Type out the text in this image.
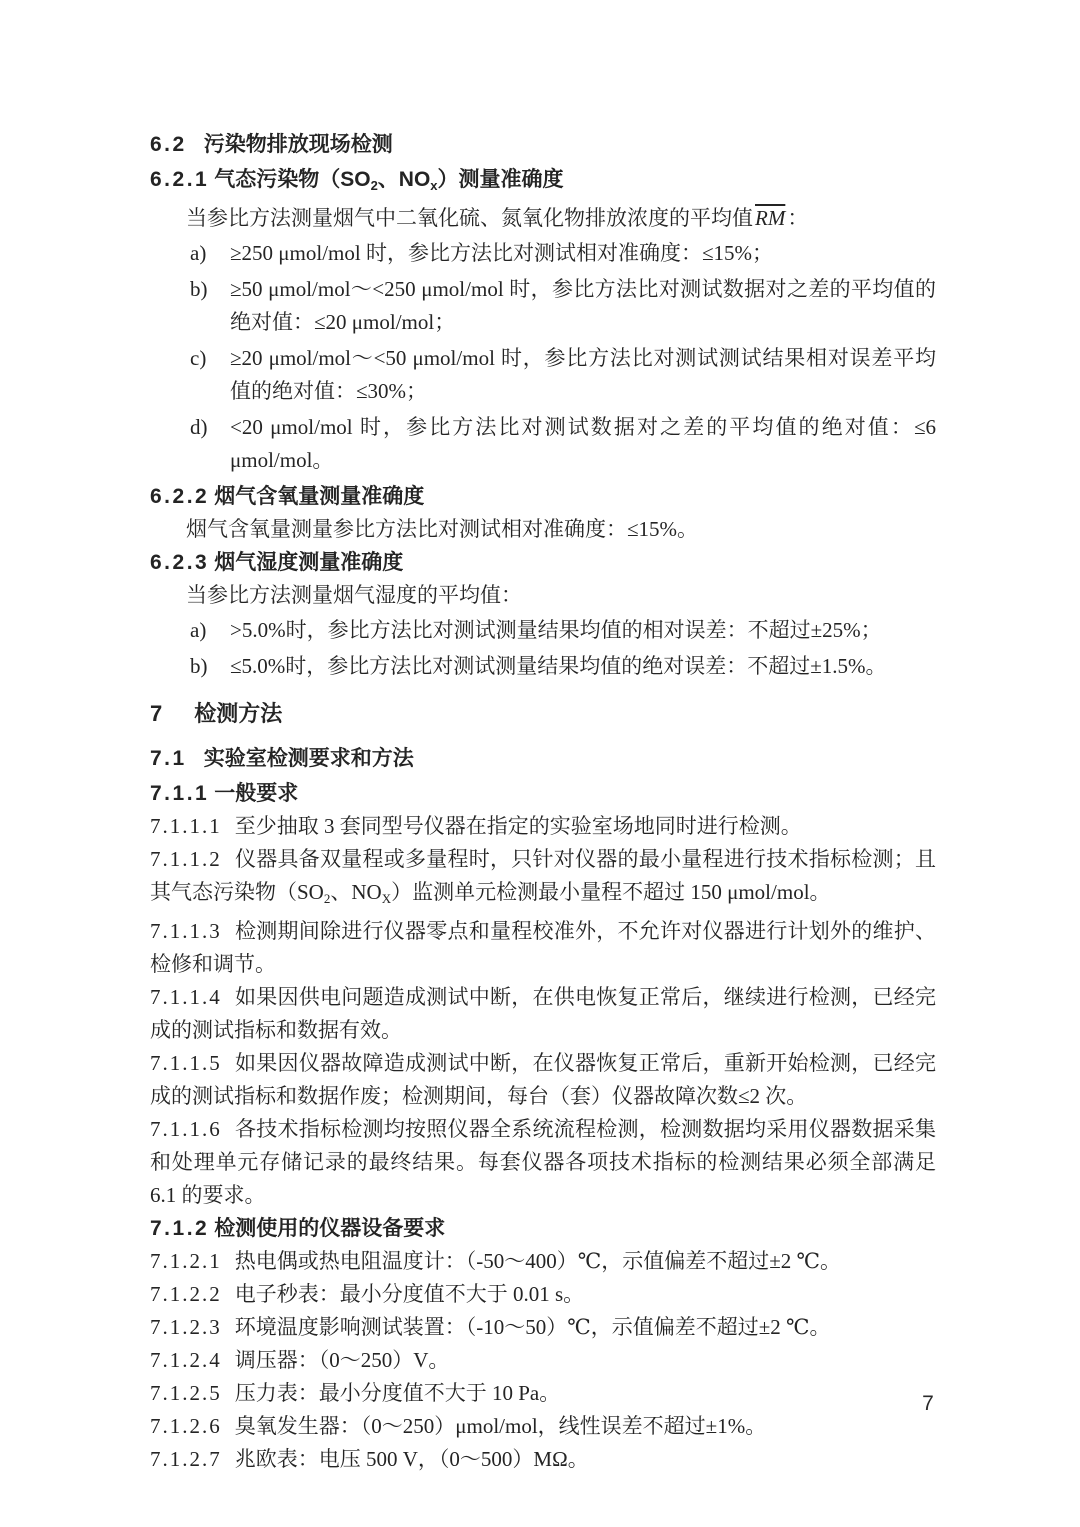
6.2 污染物排放现场检测
6.2.1 气态污染物（$SO_2$、$NO_x$）测量准确度
当参比方法测量烟气中二氧化硫、氮氧化物排放浓度的平均值$\overline{RM}$：
a)	≥250 μmol/mol 时，参比方法比对测试相对准确度：≤15%；
b)	≥50 μmol/mol～<250 μmol/mol 时，参比方法比对测试数据对之差的平均值的绝对值：≤20 μmol/mol；
c)	≥20 μmol/mol～<50 μmol/mol 时，参比方法比对测试测试结果相对误差平均值的绝对值：≤30%；
d)	<20 μmol/mol 时，参比方法比对测试数据对之差的平均值的绝对值：≤6 μmol/mol。
6.2.2 烟气含氧量测量准确度
烟气含氧量测量参比方法比对测试相对准确度：≤15%。
6.2.3 烟气湿度测量准确度
当参比方法测量烟气湿度的平均值：
a)	>5.0%时，参比方法比对测试测量结果均值的相对误差：不超过±25%；
b)	≤5.0%时，参比方法比对测试测量结果均值的绝对误差：不超过±1.5%。
7 检测方法
7.1 实验室检测要求和方法
7.1.1 一般要求
7.1.1.1 至少抽取 3 套同型号仪器在指定的实验室场地同时进行检测。
7.1.1.2 仪器具备双量程或多量程时，只针对仪器的最小量程进行技术指标检测；且其气态污染物（$SO_2$、$NO_X$）监测单元检测最小量程不超过 150 μmol/mol。
7.1.1.3 检测期间除进行仪器零点和量程校准外，不允许对仪器进行计划外的维护、检修和调节。
7.1.1.4 如果因供电问题造成测试中断，在供电恢复正常后，继续进行检测，已经完成的测试指标和数据有效。
7.1.1.5 如果因仪器故障造成测试中断，在仪器恢复正常后，重新开始检测，已经完成的测试指标和数据作废；检测期间，每台（套）仪器故障次数≤2 次。
7.1.1.6 各技术指标检测均按照仪器全系统流程检测，检测数据均采用仪器数据采集和处理单元存储记录的最终结果。每套仪器各项技术指标的检测结果必须全部满足 6.1 的要求。
7.1.2 检测使用的仪器设备要求
7.1.2.1 热电偶或热电阻温度计：（-50～400）℃，示值偏差不超过±2 ℃。
7.1.2.2 电子秒表：最小分度值不大于 0.01 s。
7.1.2.3 环境温度影响测试装置：（-10～50）℃，示值偏差不超过±2 ℃。
7.1.2.4 调压器：（0～250）V。
7.1.2.5 压力表：最小分度值不大于 10 Pa。
7.1.2.6 臭氧发生器：（0～250）μmol/mol，线性误差不超过±1%。
7.1.2.7 兆欧表：电压 500 V，（0～500）MΩ。
7
